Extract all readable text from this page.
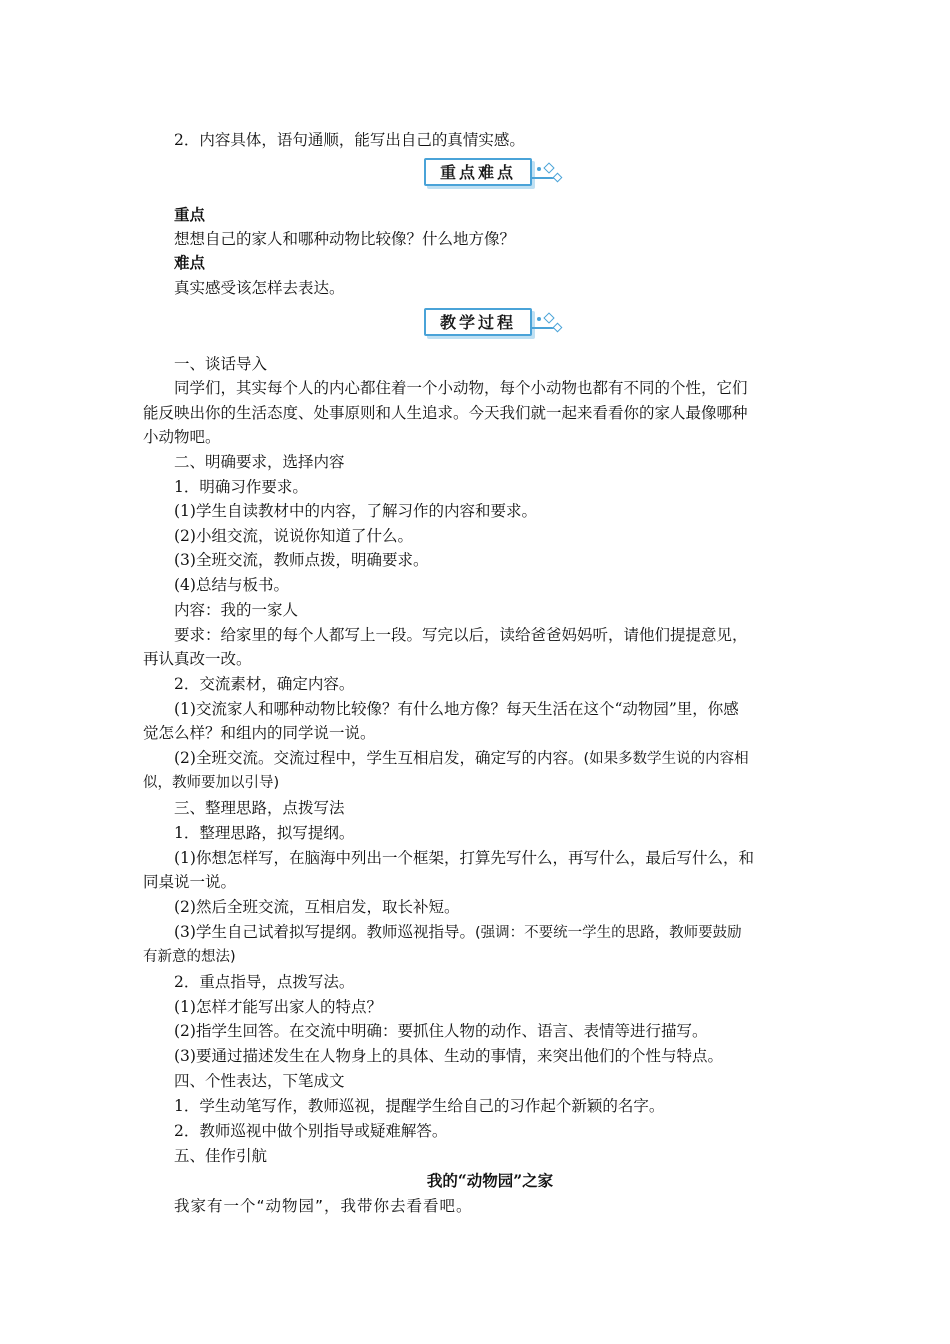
2．内容具体，语句通顺，能写出自己的真情实感。
重点难点
重点
想想自己的家人和哪种动物比较像？什么地方像？
难点
真实感受该怎样去表达。
教学过程
一、谈话导入
同学们，其实每个人的内心都住着一个小动物，每个小动物也都有不同的个性，它们
能反映出你的生活态度、处事原则和人生追求。今天我们就一起来看看你的家人最像哪种
小动物吧。
二、明确要求，选择内容
1．明确习作要求。
(1)学生自读教材中的内容，了解习作的内容和要求。
(2)小组交流，说说你知道了什么。
(3)全班交流，教师点拨，明确要求。
(4)总结与板书。
内容：我的一家人
要求：给家里的每个人都写上一段。写完以后，读给爸爸妈妈听，请他们提提意见，
再认真改一改。
2．交流素材，确定内容。
(1)交流家人和哪种动物比较像？有什么地方像？每天生活在这个“动物园”里，你感
觉怎么样？和组内的同学说一说。
(2)全班交流。交流过程中，学生互相启发，确定写的内容。(如果多数学生说的内容相
似，教师要加以引导)
三、整理思路，点拨写法
1．整理思路，拟写提纲。
(1)你想怎样写，在脑海中列出一个框架，打算先写什么，再写什么，最后写什么，和
同桌说一说。
(2)然后全班交流，互相启发，取长补短。
(3)学生自己试着拟写提纲。教师巡视指导。(强调：不要统一学生的思路，教师要鼓励
有新意的想法)
2．重点指导，点拨写法。
(1)怎样才能写出家人的特点？
(2)指学生回答。在交流中明确：要抓住人物的动作、语言、表情等进行描写。
(3)要通过描述发生在人物身上的具体、生动的事情，来突出他们的个性与特点。
四、个性表达，下笔成文
1．学生动笔写作，教师巡视，提醒学生给自己的习作起个新颖的名字。
2．教师巡视中做个别指导或疑难解答。
五、佳作引航
我的“动物园”之家
我家有一个“动物园”，我带你去看看吧。
